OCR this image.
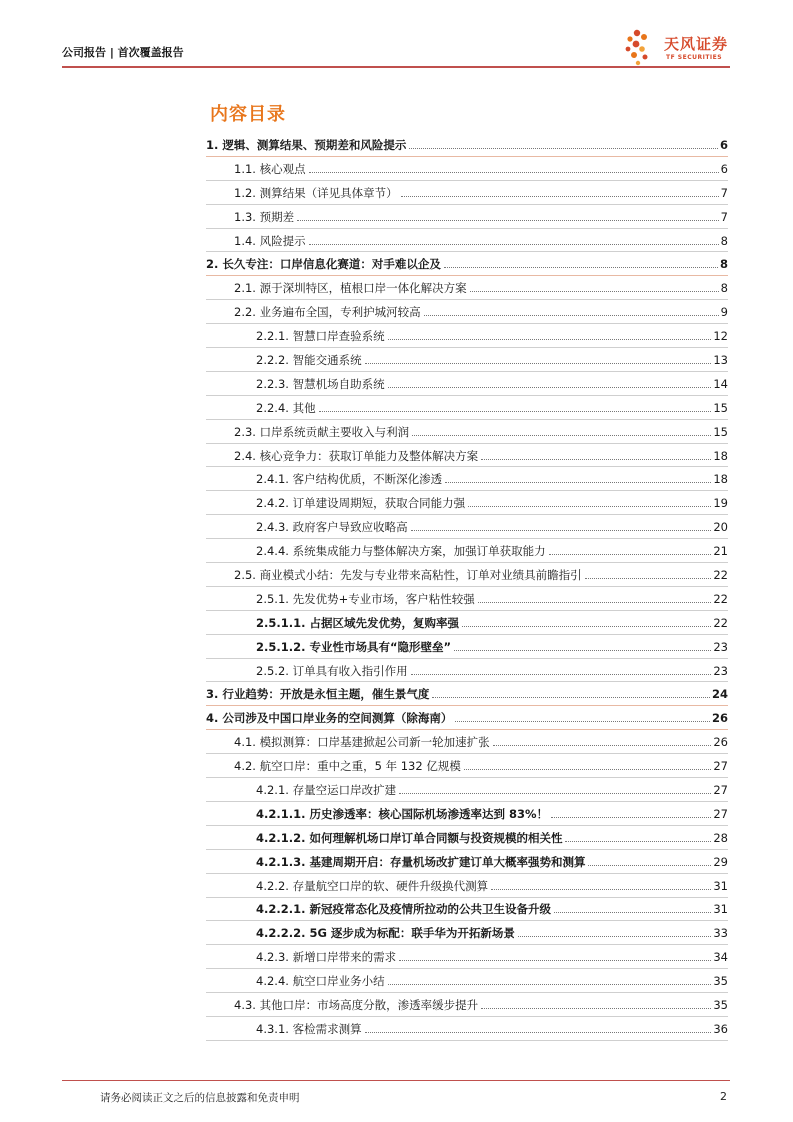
公司报告 | 首次覆盖报告	天风证券
TF SECURITIES
内容目录
1. 逻辑、测算结果、预期差和风险提示	6
1.1. 核心观点	6
1.2. 测算结果（详见具体章节）	7
1.3. 预期差	7
1.4. 风险提示	8
2. 长久专注：口岸信息化赛道：对手难以企及	8
2.1. 源于深圳特区，植根口岸一体化解决方案	8
2.2. 业务遍布全国，专利护城河较高	9
2.2.1. 智慧口岸查验系统	12
2.2.2. 智能交通系统	13
2.2.3. 智慧机场自助系统	14
2.2.4. 其他	15
2.3. 口岸系统贡献主要收入与利润	15
2.4. 核心竞争力：获取订单能力及整体解决方案	18
2.4.1. 客户结构优质，不断深化渗透	18
2.4.2. 订单建设周期短，获取合同能力强	19
2.4.3. 政府客户导致应收略高	20
2.4.4. 系统集成能力与整体解决方案，加强订单获取能力	21
2.5. 商业模式小结：先发与专业带来高粘性，订单对业绩具前瞻指引	22
2.5.1. 先发优势+专业市场，客户粘性较强	22
2.5.1.1. 占据区域先发优势，复购率强	22
2.5.1.2. 专业性市场具有“隐形壁垒”	23
2.5.2. 订单具有收入指引作用	23
3. 行业趋势：开放是永恒主题，催生景气度	24
4. 公司涉及中国口岸业务的空间测算（除海南）	26
4.1. 模拟测算：口岸基建掀起公司新一轮加速扩张	26
4.2. 航空口岸：重中之重，5 年 132 亿规模	27
4.2.1. 存量空运口岸改扩建	27
4.2.1.1. 历史渗透率：核心国际机场渗透率达到 83%！	27
4.2.1.2. 如何理解机场口岸订单合同额与投资规模的相关性	28
4.2.1.3. 基建周期开启：存量机场改扩建订单大概率强势和测算	29
4.2.2. 存量航空口岸的软、硬件升级换代测算	31
4.2.2.1. 新冠疫常态化及疫情所拉动的公共卫生设备升级	31
4.2.2.2. 5G 逐步成为标配：联手华为开拓新场景	33
4.2.3. 新增口岸带来的需求	34
4.2.4. 航空口岸业务小结	35
4.3. 其他口岸：市场高度分散，渗透率缓步提升	35
4.3.1. 客检需求测算	36
请务必阅读正文之后的信息披露和免责申明	2
